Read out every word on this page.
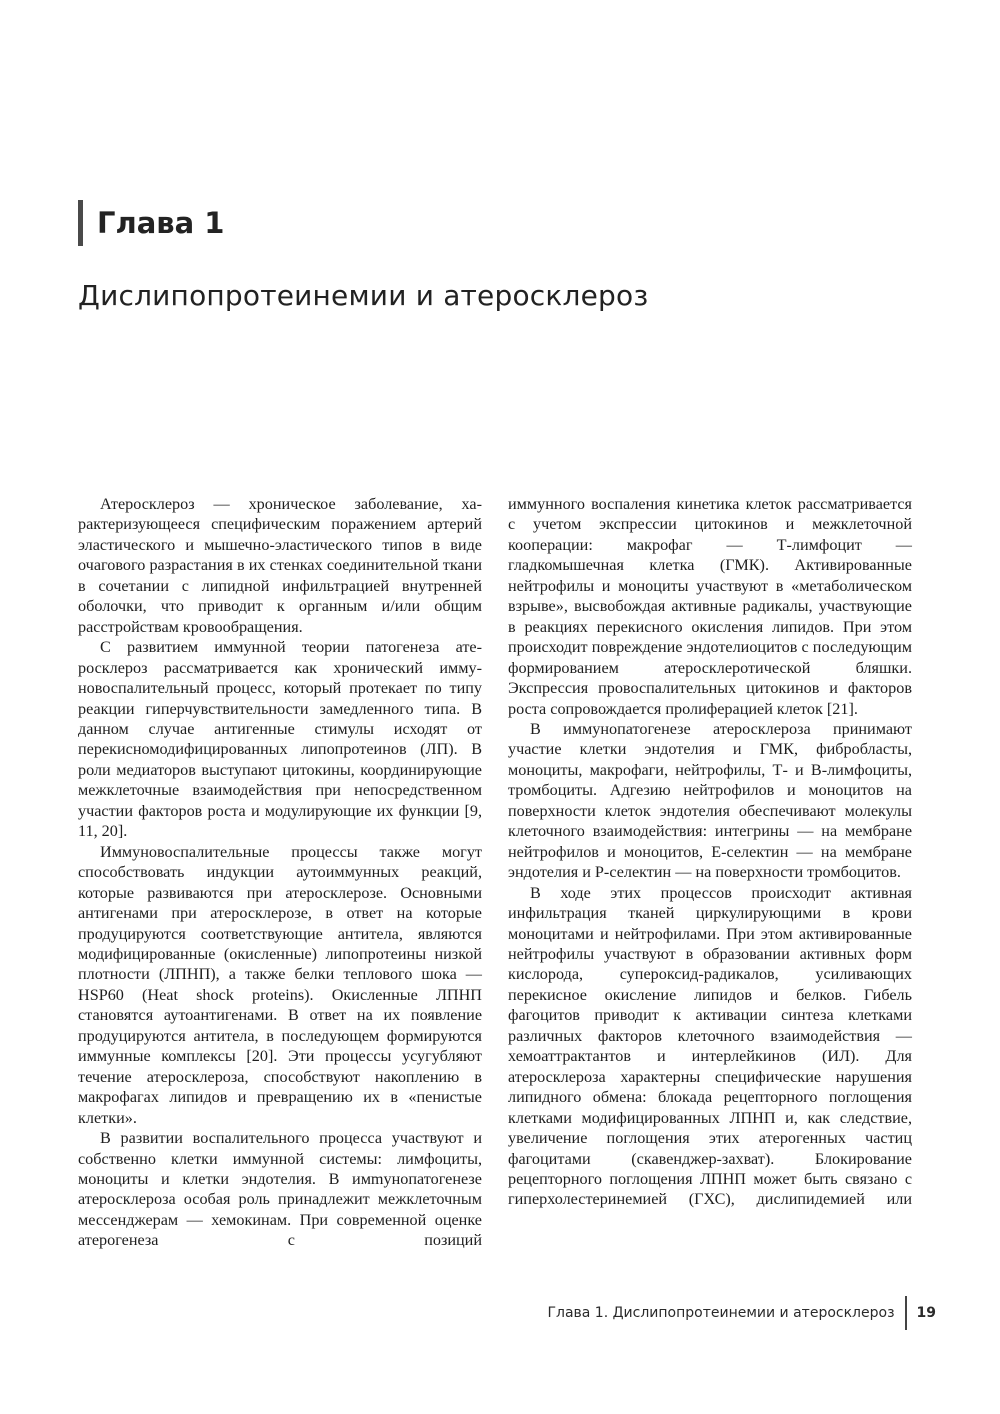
Глава 1
Дислипопротеинемии и атеросклероз

Атеросклероз — хроническое заболевание, характеризующееся специфическим поражением артерий эластического и мышечно-эластического типов в виде очагового разрастания в их стенках соединительной ткани в сочетании с липидной инфильтрацией внутренней оболочки, что приводит к органным и/или общим расстройствам кровообращения.

С развитием иммунной теории патогенеза атеросклероз рассматривается как хронический иммуновоспалительный процесс, который протекает по типу реакции гиперчувствительности замедленного типа. В данном случае антигенные стимулы исходят от перекисномодифицированных липопротеинов (ЛП). В роли медиаторов выступают цитокины, координирующие межклеточные взаимодействия при непосредственном участии факторов роста и модулирующие их функции [9, 11, 20].

Иммуновоспалительные процессы также могут способствовать индукции аутоиммунных реакций, которые развиваются при атеросклерозе. Основными антигенами при атеросклерозе, в ответ на которые продуцируются соответствующие антитела, являются модифицированные (окисленные) липопротеины низкой плотности (ЛПНП), а также белки теплового шока — HSP60 (Heat shock proteins). Окисленные ЛПНП становятся аутоантигенами. В ответ на их появление продуцируются антитела, в последующем формируются иммунные комплексы [20]. Эти процессы усугубляют течение атеросклероза, способствуют накоплению в макрофагах липидов и превращению их в «пенистые клетки».

В развитии воспалительного процесса участвуют и собственно клетки иммунной системы: лимфоциты, моноциты и клетки эндотелия. В имmунопатогенезе атеросклероза особая роль принадлежит межклеточным мессенджерам — хемокинам. При современной оценке атерогенеза с позиций

иммунного воспаления кинетика клеток рассматривается с учетом экспрессии цитокинов и межклеточной кооперации: макрофаг — Т-лимфоцит — гладкомышечная клетка (ГМК). Активированные нейтрофилы и моноциты участвуют в «метаболическом взрыве», высвобождая активные радикалы, участвующие в реакциях перекисного окисления липидов. При этом происходит повреждение эндотелиоцитов с последующим формированием атеросклеротической бляшки. Экспрессия провоспалительных цитокинов и факторов роста сопровождается пролиферацией клеток [21].

В иммунопатогенезе атеросклероза принимают участие клетки эндотелия и ГМК, фибробласты, моноциты, макрофаги, нейтрофилы, Т- и В-лимфоциты, тромбоциты. Адгезию нейтрофилов и моноцитов на поверхности клеток эндотелия обеспечивают молекулы клеточного взаимодействия: интегрины — на мембране нейтрофилов и моноцитов, Е-селектин — на мембране эндотелия и Р-селектин — на поверхности тромбоцитов.

В ходе этих процессов происходит активная инфильтрация тканей циркулирующими в крови моноцитами и нейтрофилами. При этом активированные нейтрофилы участвуют в образовании активных форм кислорода, супероксид-радикалов, усиливающих перекисное окисление липидов и белков. Гибель фагоцитов приводит к активации синтеза клетками различных факторов клеточного взаимодействия — хемоаттрактантов и интерлейкинов (ИЛ). Для атеросклероза характерны специфические нарушения липидного обмена: блокада рецепторного поглощения клетками модифицированных ЛПНП и, как следствие, увеличение поглощения этих атерогенных частиц фагоцитами (скавенджер-захват). Блокирование рецепторного поглощения ЛПНП может быть связано с гиперхолестеринемией (ГХС), дислипидемией или

Глава 1. Дислипопротеинемии и атеросклероз	19
